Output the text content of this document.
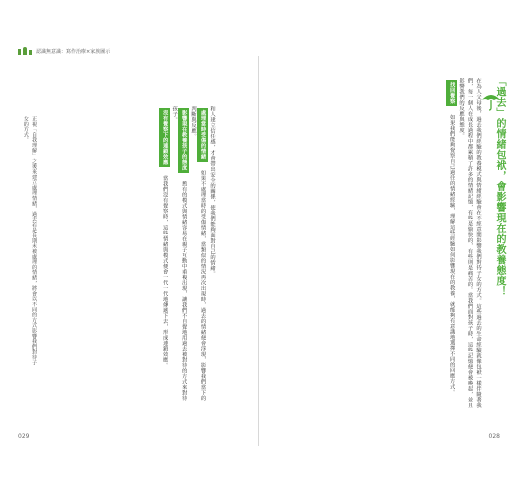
認識無意識：寫作治療×家族圖示
正視「自我理解」之後來建立處理情緒，過去若是長期未被處理的情緒，將會以不同的方式影響我們對待子女的方式。	和人建立信任感，才會帶出安全的關係，使我們能夠面對自己的情緒。
處理當時受傷的情緒 如果不處理當時的受傷情緒，當類似的情況再次出現時，過去的情緒便會浮現，影響我們當下的判斷與反應。
影響現在教養孩子的態度 舊有的模式與情緒容易在親子互動中重複出現，讓我們不自覺地用過去被對待的方式來對待孩子。
沒有覺察下的連鎖效應 當我們沒有覺察時，這些情緒與模式便會一代一代地傳遞下去，形成連鎖效應。
029
「過去」的情緒包袱，會影響現在的教養態度！
在為人父母後，過去我們經驗的教養模式與情緒經驗會在不經意間影響我們對待子女的方式。這些過去的生命經驗就像包袱一樣伴隨著我們，每一個人在成長過程中都累積了許多的情緒記憶，有些是愉快的，有些則是痛苦的。當我們面對孩子時，這些記憶便會被喚起，並且影響我們的反應與態度。
找回覺察 如果我們能夠覺察自己過往的情緒經驗，理解這些經驗如何影響現在的教養，就能夠有意識地選擇不同的回應方式。
028
